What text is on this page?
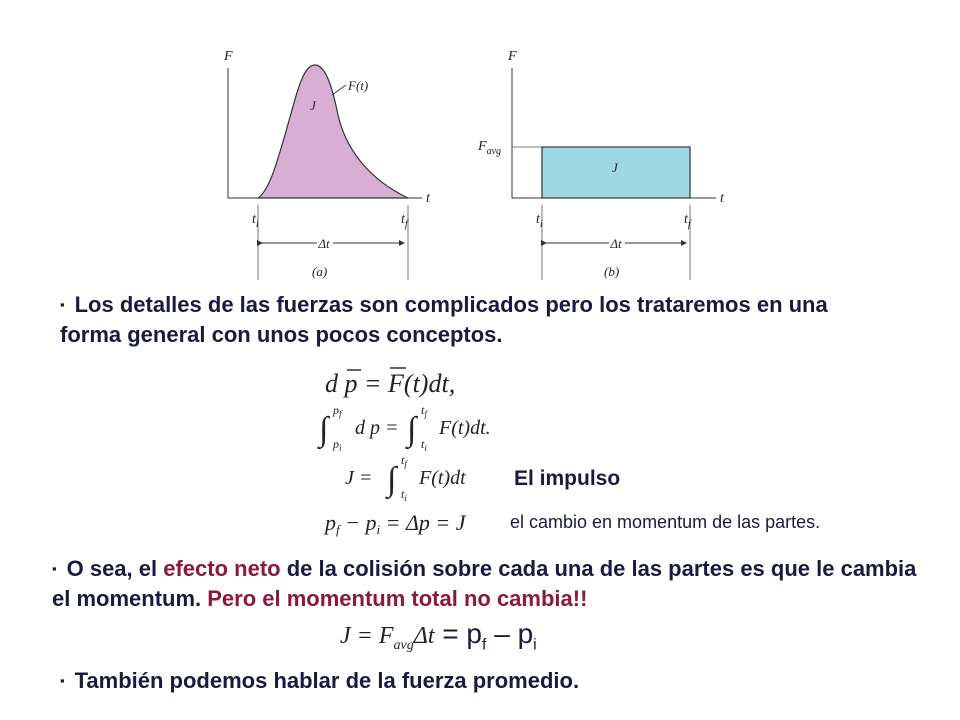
F
t
F(t)
J
$t_i$	$t_f$
Δt
(a)
F
t
$F_{avg}$
J
$t_i$	$t_f$
Δt
(b)
▪ Los detalles de las fuerzas son complicados pero los trataremos en una forma general con unos pocos conceptos.
d p = F(t)dt,
∫
$p_f$
$p_i$
d p = ∫
$t_f$
$t_i$
F(t)dt.
J = ∫
$t_f$
$t_i$
F(t)dt
pf − pi = Δp = J
El impulso
el cambio en momentum de las partes.
▪ O sea, el efecto neto de la colisión sobre cada una de las partes es que le cambia el momentum. Pero el momentum total no cambia!!
$J = F_{avg}\Delta t = p_f - p_i$
▪ También podemos hablar de la fuerza promedio.
